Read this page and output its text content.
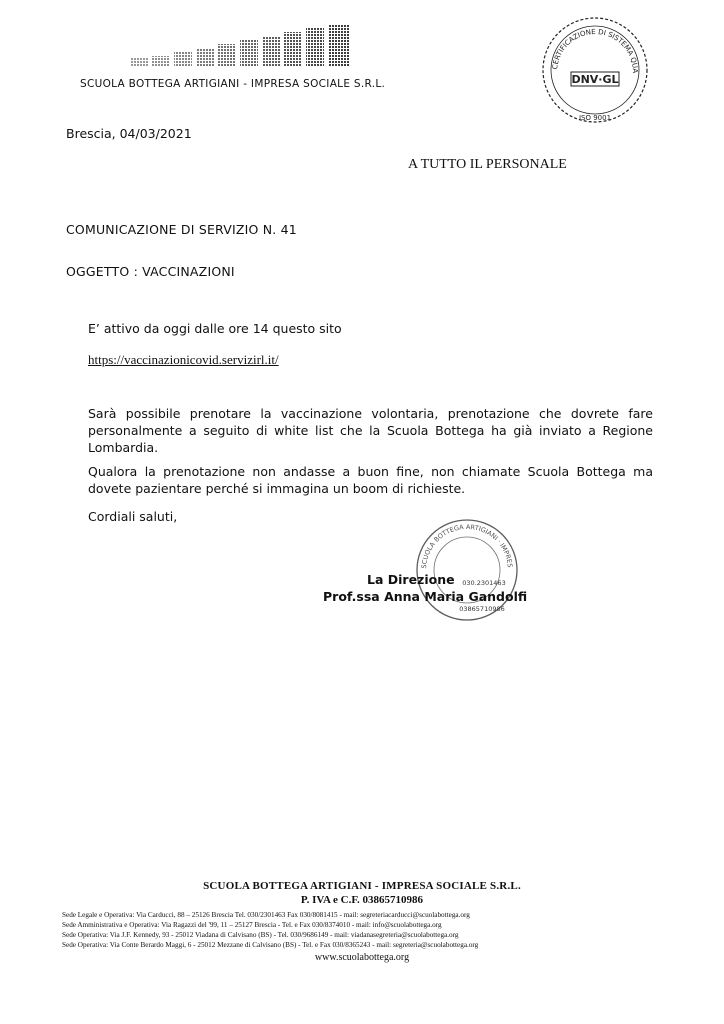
SCUOLA BOTTEGA ARTIGIANI - IMPRESA SOCIALE S.R.L.
CERTIFICAZIONE DI SISTEMA QUA
DNV·GL
ISO 9001
Brescia, 04/03/2021
A TUTTO IL PERSONALE
COMUNICAZIONE DI SERVIZIO N. 41
OGGETTO : VACCINAZIONI
E’ attivo da oggi dalle ore 14 questo sito
https://vaccinazionicovid.servizirl.it/
Sarà possibile prenotare la vaccinazione volontaria, prenotazione che dovrete fare personalmente a seguito di white list che la Scuola Bottega ha già inviato a Regione Lombardia.
Qualora la prenotazione non andasse a buon fine, non chiamate Scuola Bottega ma dovete pazientare perché si immagina un boom di richieste.
Cordiali saluti,
SCUOLA BOTTEGA ARTIGIANI · IMPRES
030.2301463
03865710986
La Direzione
Prof.ssa Anna Maria Gandolfi
SCUOLA BOTTEGA ARTIGIANI - IMPRESA SOCIALE S.R.L.
P. IVA e C.F. 03865710986
Sede Legale e Operativa: Via Carducci, 88 – 25126 Brescia Tel. 030/2301463 Fax 030/8081415 - mail: segreteriacarducci@scuolabottega.org
Sede Amministrativa e Operativa: Via Ragazzi del '99, 11 – 25127 Brescia - Tel. e Fax 030/8374010 - mail: info@scuolabottega.org
Sede Operativa: Via J.F. Kennedy, 93 - 25012 Viadana di Calvisano (BS) - Tel. 030/9686149 - mail: viadanasegreteria@scuolabottega.org
Sede Operativa: Via Conte Berardo Maggi, 6 - 25012 Mezzane di Calvisano (BS) - Tel. e Fax 030/8365243 - mail: segreteria@scuolabottega.org
www.scuolabottega.org
